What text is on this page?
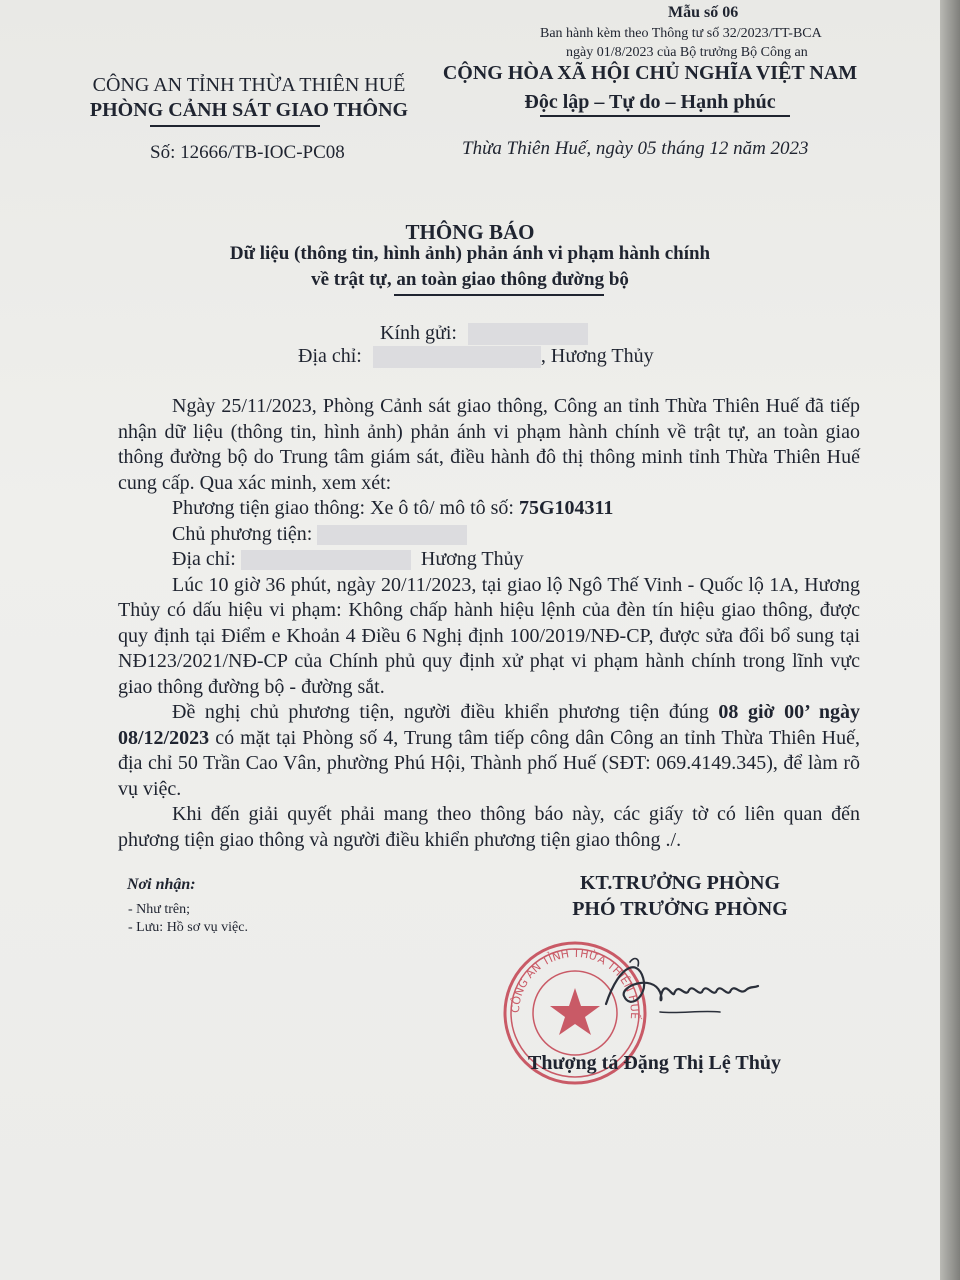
Mẫu số 06
Ban hành kèm theo Thông tư số 32/2023/TT-BCA
ngày 01/8/2023 của Bộ trưởng Bộ Công an
CÔNG AN TỈNH THỪA THIÊN HUẾ
PHÒNG CẢNH SÁT GIAO THÔNG
CỘNG HÒA XÃ HỘI CHỦ NGHĨA VIỆT NAM
Độc lập – Tự do – Hạnh phúc
Số: 12666/TB-IOC-PC08	Thừa Thiên Huế, ngày 05 tháng 12 năm 2023
THÔNG BÁO
Dữ liệu (thông tin, hình ảnh) phản ánh vi phạm hành chính
về trật tự, an toàn giao thông đường bộ
Kính gửi:
Địa chỉ:	, Hương Thủy
Ngày 25/11/2023, Phòng Cảnh sát giao thông, Công an tỉnh Thừa Thiên Huế đã tiếp nhận dữ liệu (thông tin, hình ảnh) phản ánh vi phạm hành chính về trật tự, an toàn giao thông đường bộ do Trung tâm giám sát, điều hành đô thị thông minh tỉnh Thừa Thiên Huế cung cấp. Qua xác minh, xem xét:
Phương tiện giao thông: Xe ô tô/ mô tô số: 75G104311
Chủ phương tiện:
Địa chỉ:	Hương Thủy
Lúc 10 giờ 36 phút, ngày 20/11/2023, tại giao lộ Ngô Thế Vinh - Quốc lộ 1A, Hương Thủy có dấu hiệu vi phạm: Không chấp hành hiệu lệnh của đèn tín hiệu giao thông, được quy định tại Điểm e Khoản 4 Điều 6 Nghị định 100/2019/NĐ-CP, được sửa đổi bổ sung tại NĐ123/2021/NĐ-CP của Chính phủ quy định xử phạt vi phạm hành chính trong lĩnh vực giao thông đường bộ - đường sắt.
Đề nghị chủ phương tiện, người điều khiển phương tiện đúng 08 giờ 00’ ngày 08/12/2023 có mặt tại Phòng số 4, Trung tâm tiếp công dân Công an tỉnh Thừa Thiên Huế, địa chỉ 50 Trần Cao Vân, phường Phú Hội, Thành phố Huế (SĐT: 069.4149.345), để làm rõ vụ việc.
Khi đến giải quyết phải mang theo thông báo này, các giấy tờ có liên quan đến phương tiện giao thông và người điều khiển phương tiện giao thông ./.
Nơi nhận:
- Như trên;
- Lưu: Hồ sơ vụ việc.
KT.TRƯỞNG PHÒNG
PHÓ TRƯỞNG PHÒNG
CÔNG AN TỈNH THỪA THIÊN HUẾ
Thượng tá Đặng Thị Lệ Thủy
